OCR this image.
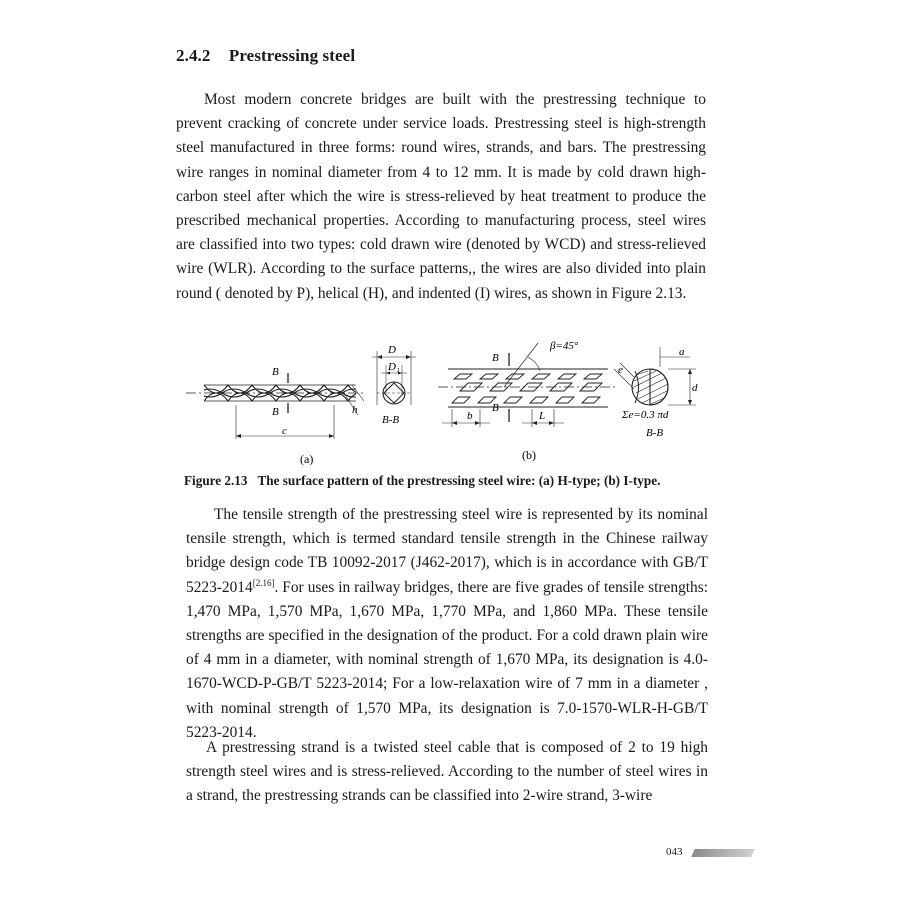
2.4.2 Prestressing steel

Most modern concrete bridges are built with the prestressing technique to prevent cracking of concrete under service loads. Prestressing steel is high-strength steel manufactured in three forms: round wires, strands, and bars. The prestressing wire ranges in nominal diameter from 4 to 12 mm. It is made by cold drawn high-carbon steel after which the wire is stress-relieved by heat treatment to produce the prescribed mechanical properties. According to manufacturing process, steel wires are classified into two types: cold drawn wire (denoted by WCD) and stress-relieved wire (WLR). According to the surface patterns,, the wires are also divided into plain round ( denoted by P), helical (H), and indented (I) wires, as shown in Figure 2.13.

B
B
c
h
D
D₁
B-B
(a)
β=45°
B
B
b	L
a
d
e
Σe=0.3 πd
B-B
(b)
Figure 2.13 The surface pattern of the prestressing steel wire: (a) H-type; (b) I-type.

The tensile strength of the prestressing steel wire is represented by its nominal tensile strength, which is termed standard tensile strength in the Chinese railway bridge design code TB 10092-2017 (J462-2017), which is in accordance with GB/T 5223-2014[2.16]. For uses in railway bridges, there are five grades of tensile strengths: 1,470 MPa, 1,570 MPa, 1,670 MPa, 1,770 MPa, and 1,860 MPa. These tensile strengths are specified in the designation of the product. For a cold drawn plain wire of 4 mm in a diameter, with nominal strength of 1,670 MPa, its designation is 4.0-1670-WCD-P-GB/T 5223-2014; For a low-relaxation wire of 7 mm in a diameter , with nominal strength of 1,570 MPa, its designation is 7.0-1570-WLR-H-GB/T 5223-2014.

A prestressing strand is a twisted steel cable that is composed of 2 to 19 high strength steel wires and is stress-relieved. According to the number of steel wires in a strand, the prestressing strands can be classified into 2-wire strand, 3-wire

043
